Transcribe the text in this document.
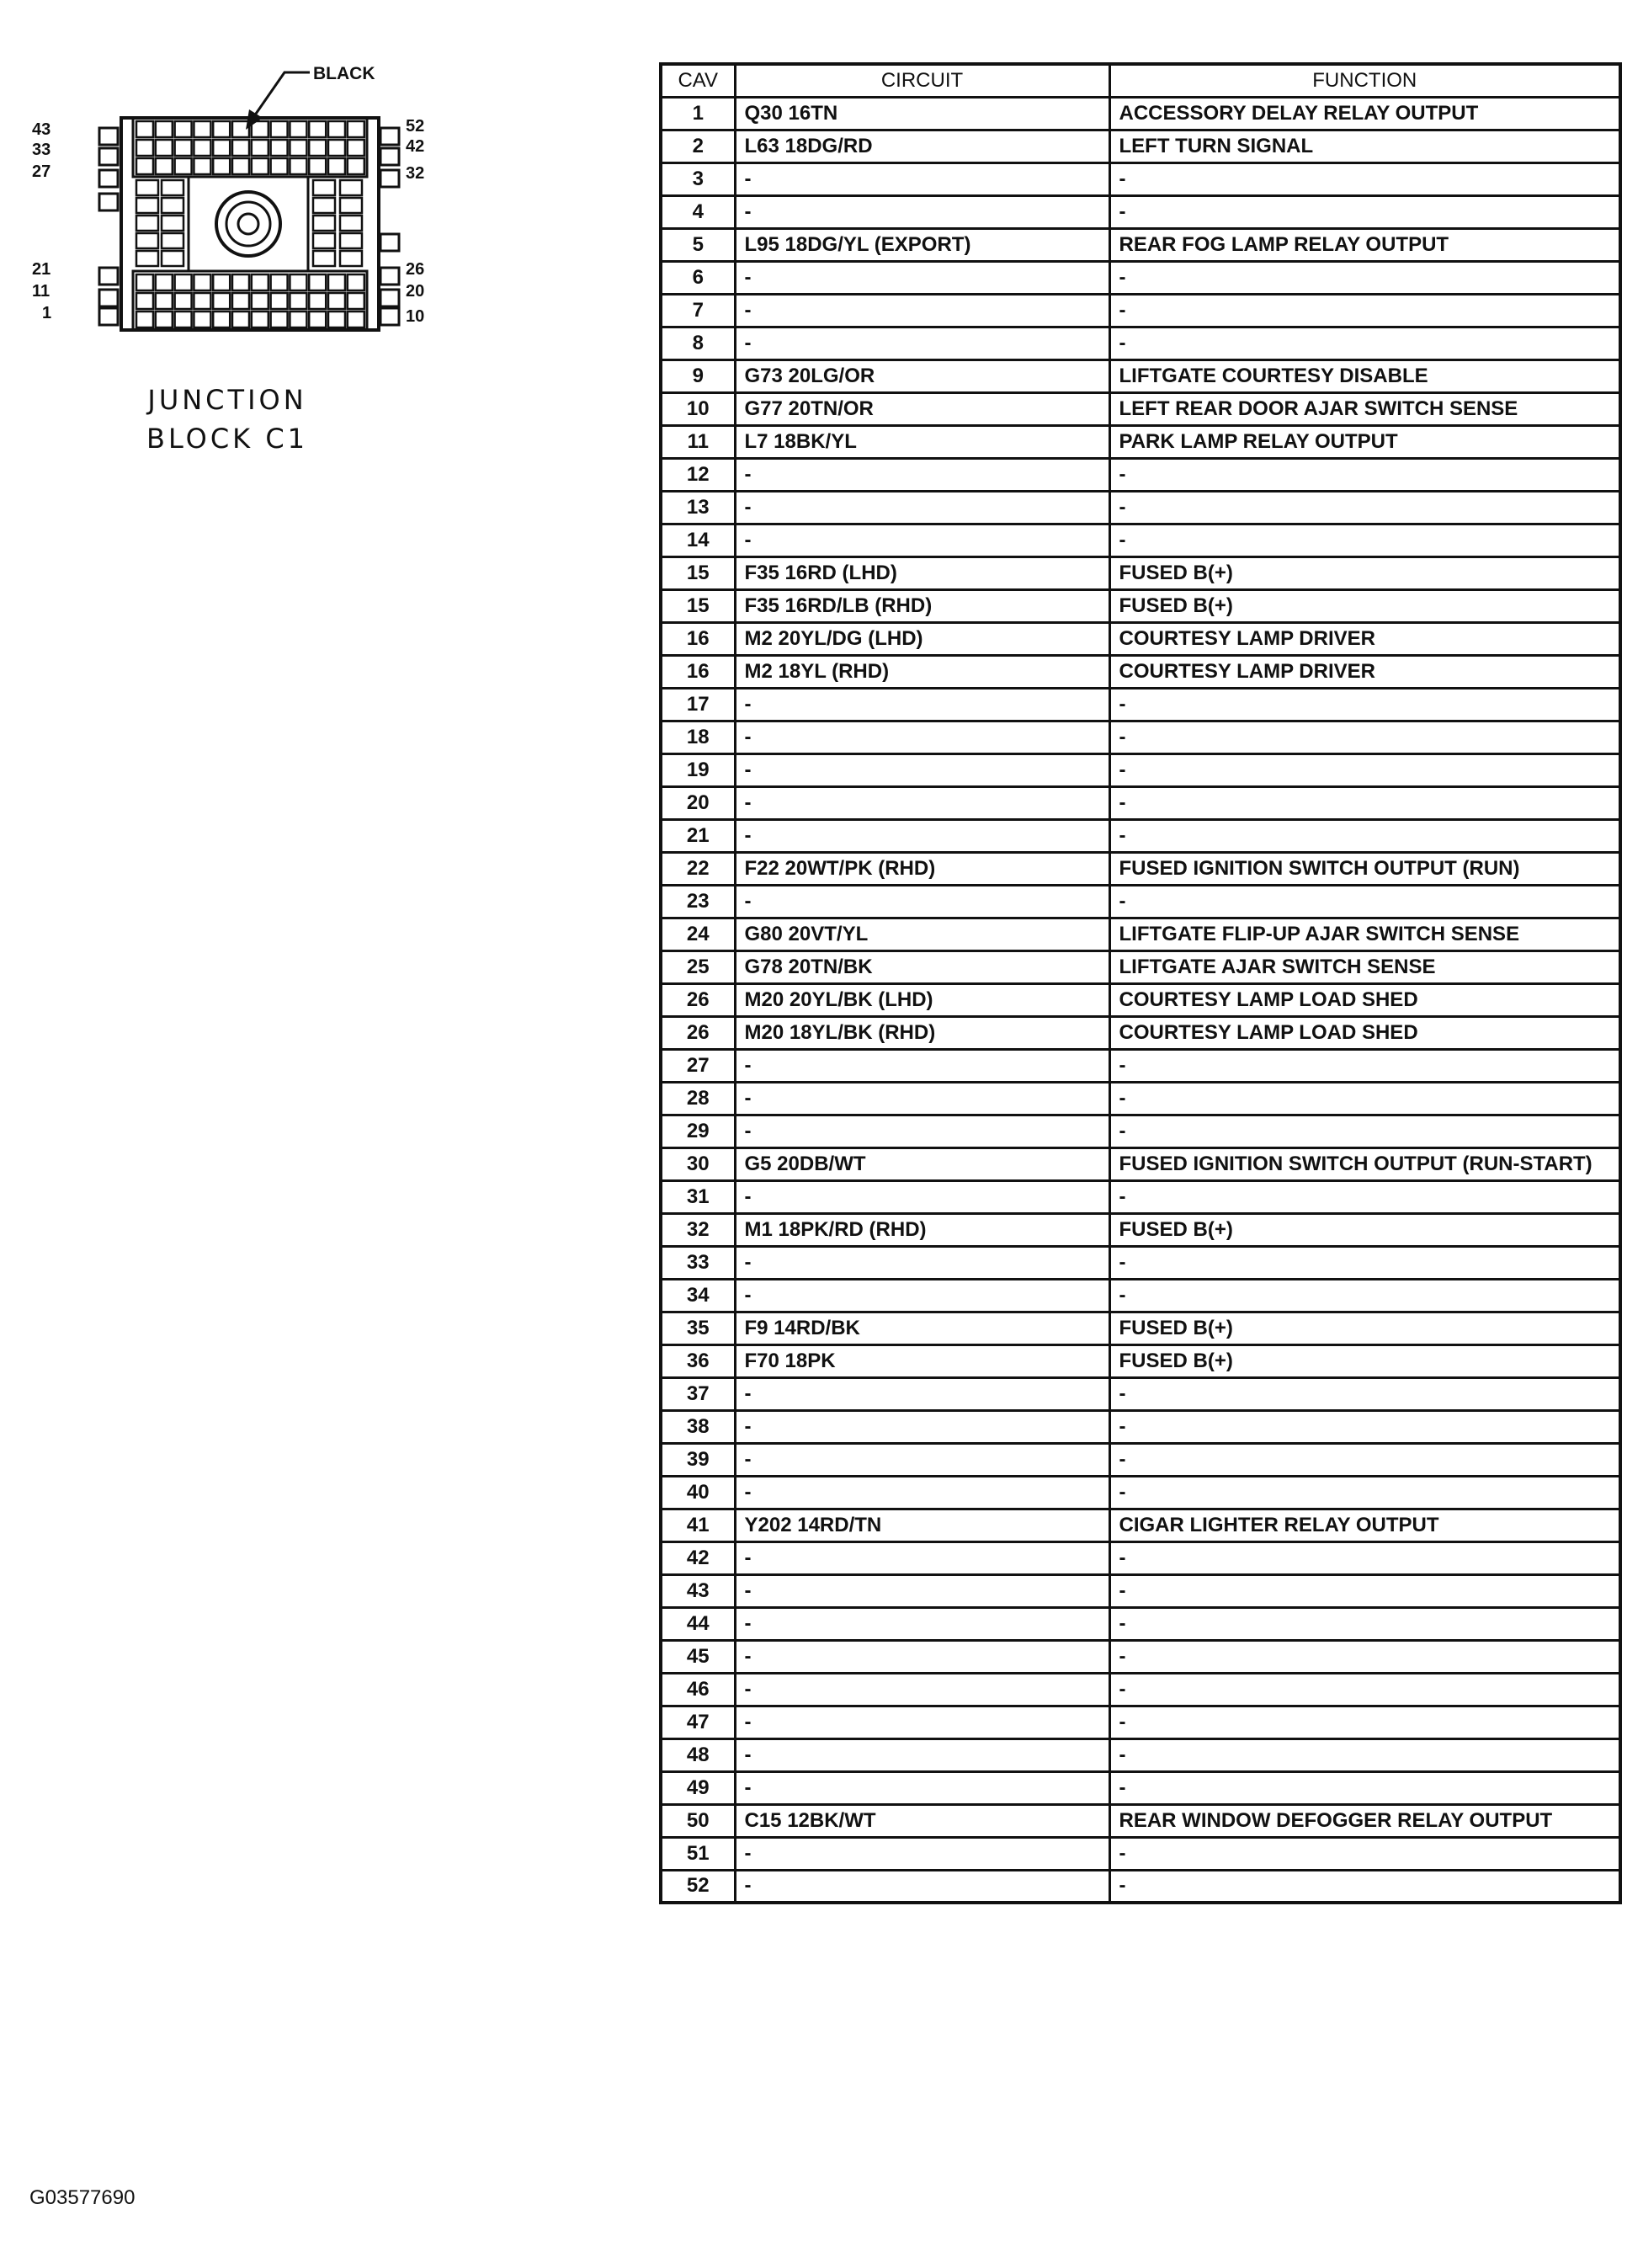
BLACK
43
33
27
21
11
1
52
42
32
26
20
10
JUNCTION
BLOCK C1
CAV	CIRCUIT	FUNCTION
1	Q30 16TN	ACCESSORY DELAY RELAY OUTPUT
2	L63 18DG/RD	LEFT TURN SIGNAL
3	-	-
4	-	-
5	L95 18DG/YL (EXPORT)	REAR FOG LAMP RELAY OUTPUT
6	-	-
7	-	-
8	-	-
9	G73 20LG/OR	LIFTGATE COURTESY DISABLE
10	G77 20TN/OR	LEFT REAR DOOR AJAR SWITCH SENSE
11	L7 18BK/YL	PARK LAMP RELAY OUTPUT
12	-	-
13	-	-
14	-	-
15	F35 16RD (LHD)	FUSED B(+)
15	F35 16RD/LB (RHD)	FUSED B(+)
16	M2 20YL/DG (LHD)	COURTESY LAMP DRIVER
16	M2 18YL (RHD)	COURTESY LAMP DRIVER
17	-	-
18	-	-
19	-	-
20	-	-
21	-	-
22	F22 20WT/PK (RHD)	FUSED IGNITION SWITCH OUTPUT (RUN)
23	-	-
24	G80 20VT/YL	LIFTGATE FLIP-UP AJAR SWITCH SENSE
25	G78 20TN/BK	LIFTGATE AJAR SWITCH SENSE
26	M20 20YL/BK (LHD)	COURTESY LAMP LOAD SHED
26	M20 18YL/BK (RHD)	COURTESY LAMP LOAD SHED
27	-	-
28	-	-
29	-	-
30	G5 20DB/WT	FUSED IGNITION SWITCH OUTPUT (RUN-START)
31	-	-
32	M1 18PK/RD (RHD)	FUSED B(+)
33	-	-
34	-	-
35	F9 14RD/BK	FUSED B(+)
36	F70 18PK	FUSED B(+)
37	-	-
38	-	-
39	-	-
40	-	-
41	Y202 14RD/TN	CIGAR LIGHTER RELAY OUTPUT
42	-	-
43	-	-
44	-	-
45	-	-
46	-	-
47	-	-
48	-	-
49	-	-
50	C15 12BK/WT	REAR WINDOW DEFOGGER RELAY OUTPUT
51	-	-
52	-	-
G03577690
